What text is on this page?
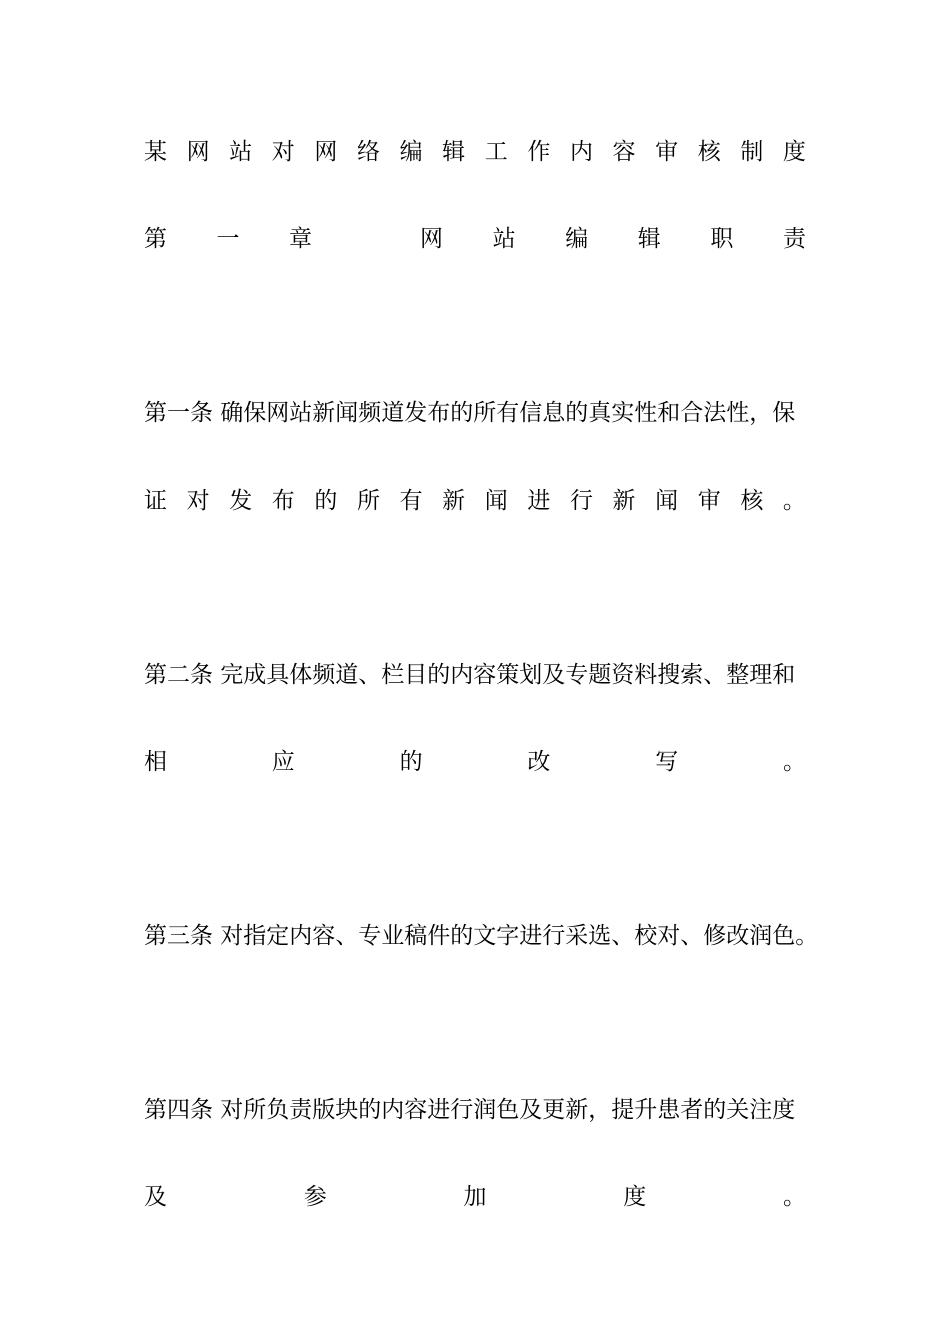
某 网 站 对 网 络 编 辑 工 作 内 容 审 核 制 度
第 一 章	网 站 编 辑 职 责
第一条 确保网站新闻频道发布的所有信息的真实性和合法性，保
证 对 发 布 的 所 有 新 闻 进 行 新 闻 审 核 。
第二条 完成具体频道、栏目的内容策划及专题资料搜索、整理和
相	应	的	改	写	。
第三条 对指定内容、专业稿件的文字进行采选、校对、修改润色。
第四条 对所负责版块的内容进行润色及更新，提升患者的关注度
及	参	加	度	。
